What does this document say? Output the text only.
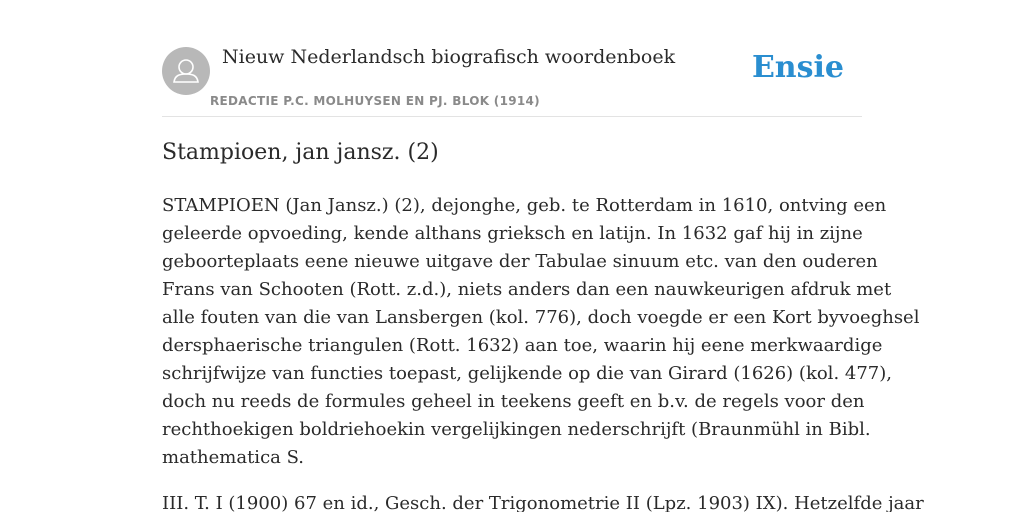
Nieuw Nederlandsch biografisch woordenboek
REDACTIE P.C. MOLHUYSEN EN PJ. BLOK (1914)
Ensie
Stampioen, jan jansz. (2)

STAMPIOEN (Jan Jansz.) (2), dejonghe, geb. te Rotterdam in 1610, ontving een
geleerde opvoeding, kende althans grieksch en latijn. In 1632 gaf hij in zijne
geboorteplaats eene nieuwe uitgave der Tabulae sinuum etc. van den ouderen
Frans van Schooten (Rott. z.d.), niets anders dan een nauwkeurigen afdruk met
alle fouten van die van Lansbergen (kol. 776), doch voegde er een Kort byvoeghsel
dersphaerische triangulen (Rott. 1632) aan toe, waarin hij eene merkwaardige
schrijfwijze van functies toepast, gelijkende op die van Girard (1626) (kol. 477),
doch nu reeds de formules geheel in teekens geeft en b.v. de regels voor den
rechthoekigen boldriehoekin vergelijkingen nederschrijft (Braunmühl in Bibl.
mathematica S.

III. T. I (1900) 67 en id., Gesch. der Trigonometrie II (Lpz. 1903) IX). Hetzelfde jaar
